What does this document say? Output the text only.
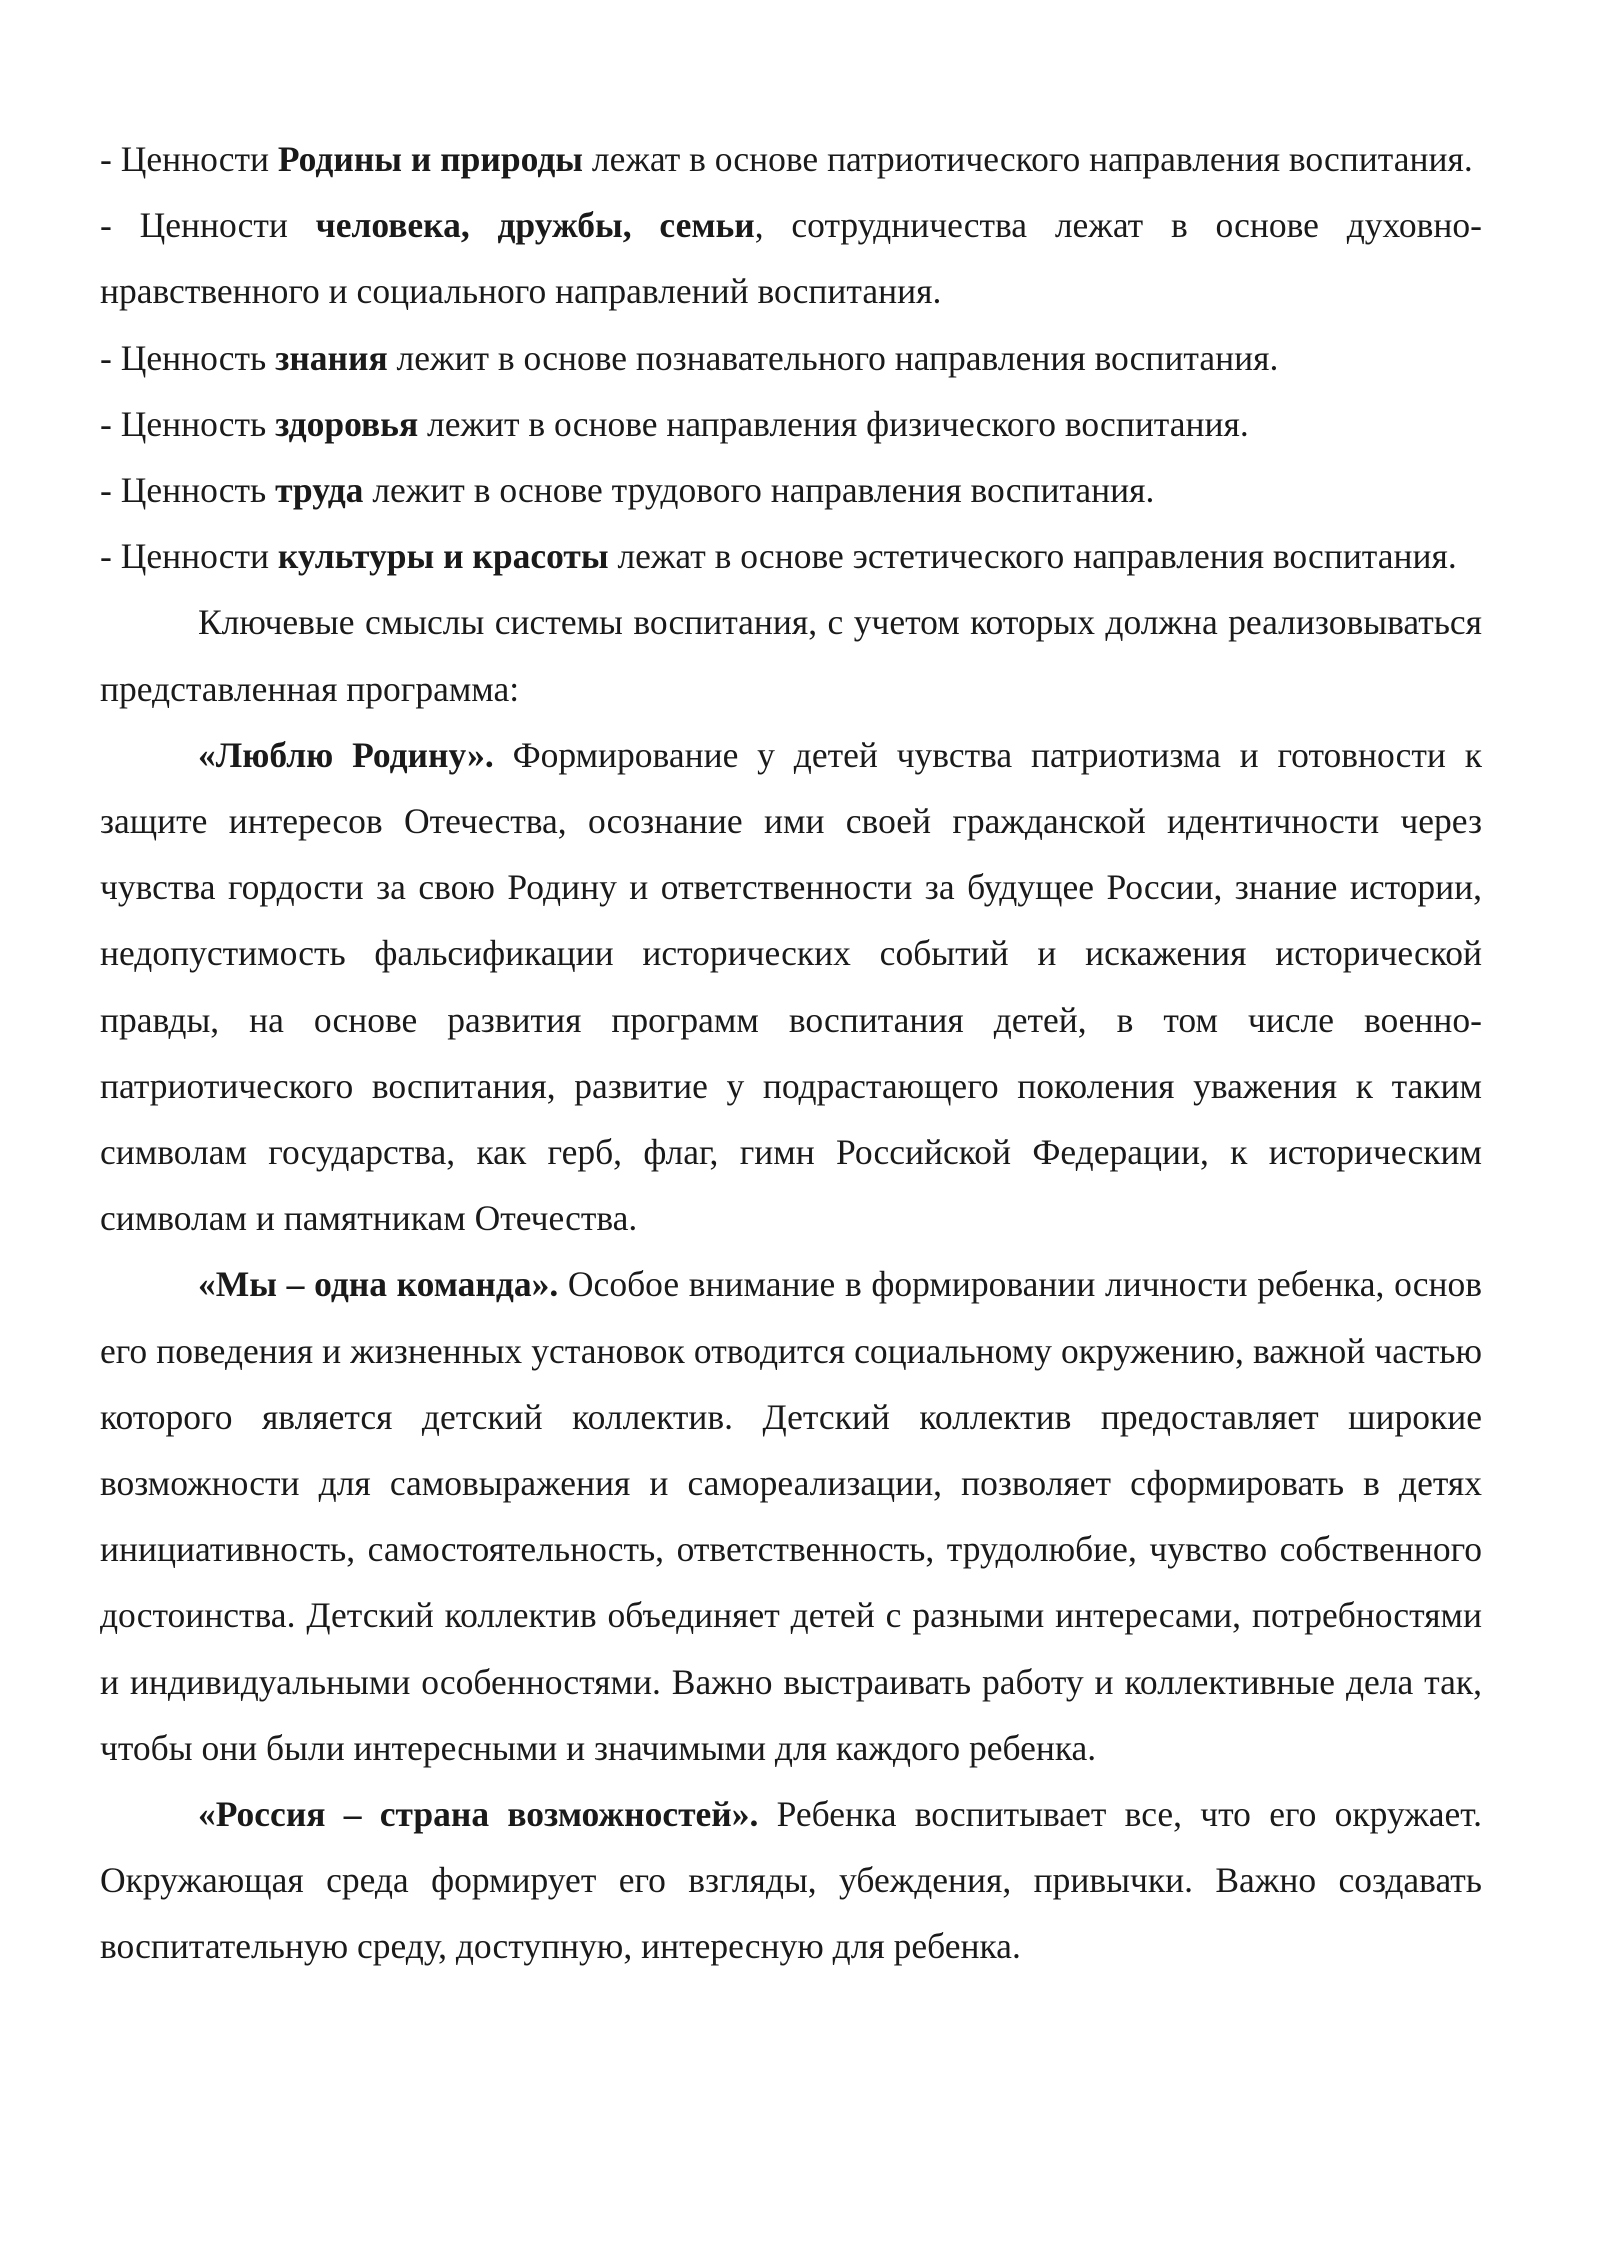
- Ценности Родины и природы лежат в основе патриотического направления воспитания.

- Ценности человека, дружбы, семьи, сотрудничества лежат в основе духовно-нравственного и социального направлений воспитания.

- Ценность знания лежит в основе познавательного направления воспитания.

- Ценность здоровья лежит в основе направления физического воспитания.

- Ценность труда лежит в основе трудового направления воспитания.

- Ценности культуры и красоты лежат в основе эстетического направления воспитания.

Ключевые смыслы системы воспитания, с учетом которых должна реализовываться представленная программа:

«Люблю Родину». Формирование у детей чувства патриотизма и готовности к защите интересов Отечества, осознание ими своей гражданской идентичности через чувства гордости за свою Родину и ответственности за будущее России, знание истории, недопустимость фальсификации исторических событий и искажения исторической правды, на основе развития программ воспитания детей, в том числе военно-патриотического воспитания, развитие у подрастающего поколения уважения к таким символам государства, как герб, флаг, гимн Российской Федерации, к историческим символам и памятникам Отечества.

«Мы – одна команда». Особое внимание в формировании личности ребенка, основ его поведения и жизненных установок отводится социальному окружению, важной частью которого является детский коллектив. Детский коллектив предоставляет широкие возможности для самовыражения и самореализации, позволяет сформировать в детях инициативность, самостоятельность, ответственность, трудолюбие, чувство собственного достоинства. Детский коллектив объединяет детей с разными интересами, потребностями и индивидуальными особенностями. Важно выстраивать работу и коллективные дела так, чтобы они были интересными и значимыми для каждого ребенка.

«Россия – страна возможностей». Ребенка воспитывает все, что его окружает. Окружающая среда формирует его взгляды, убеждения, привычки. Важно создавать воспитательную среду, доступную, интересную для ребенка.
